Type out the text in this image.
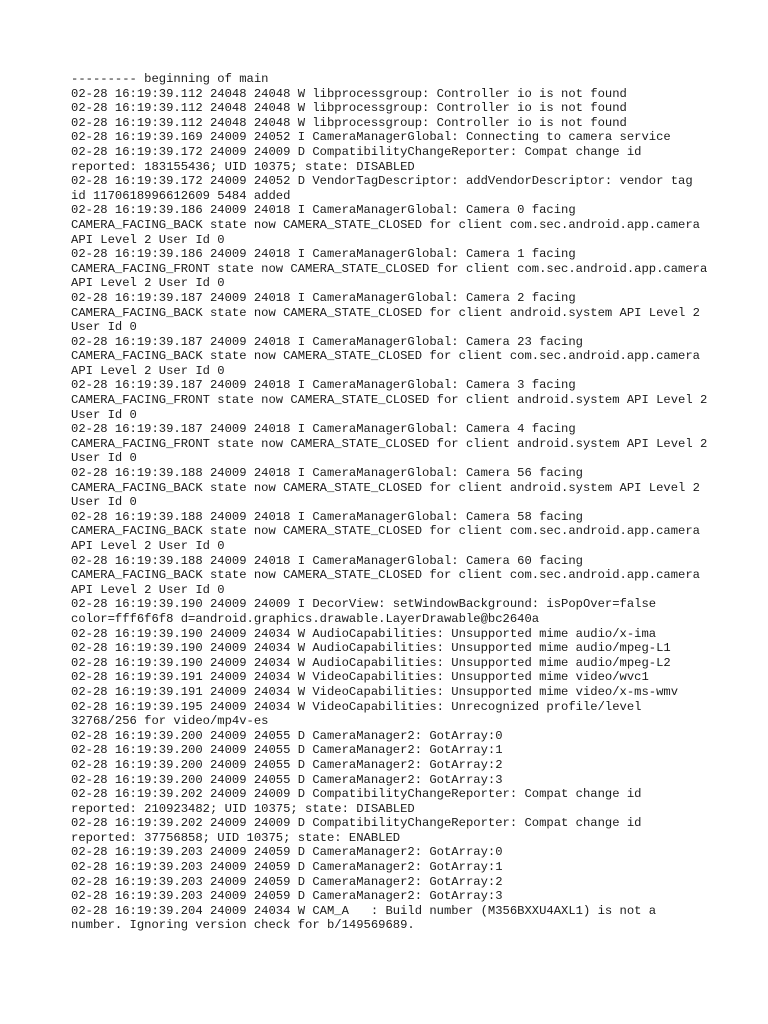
--------- beginning of main

02-28 16:19:39.112 24048 24048 W libprocessgroup: Controller io is not found

02-28 16:19:39.112 24048 24048 W libprocessgroup: Controller io is not found

02-28 16:19:39.112 24048 24048 W libprocessgroup: Controller io is not found

02-28 16:19:39.169 24009 24052 I CameraManagerGlobal: Connecting to camera service

02-28 16:19:39.172 24009 24009 D CompatibilityChangeReporter: Compat change id reported: 183155436; UID 10375; state: DISABLED

02-28 16:19:39.172 24009 24052 D VendorTagDescriptor: addVendorDescriptor: vendor tag id 1170618996612609 5484 added

02-28 16:19:39.186 24009 24018 I CameraManagerGlobal: Camera 0 facing CAMERA_FACING_BACK state now CAMERA_STATE_CLOSED for client com.sec.android.app.camera API Level 2 User Id 0

02-28 16:19:39.186 24009 24018 I CameraManagerGlobal: Camera 1 facing CAMERA_FACING_FRONT state now CAMERA_STATE_CLOSED for client com.sec.android.app.camera API Level 2 User Id 0

02-28 16:19:39.187 24009 24018 I CameraManagerGlobal: Camera 2 facing CAMERA_FACING_BACK state now CAMERA_STATE_CLOSED for client android.system API Level 2 User Id 0

02-28 16:19:39.187 24009 24018 I CameraManagerGlobal: Camera 23 facing CAMERA_FACING_BACK state now CAMERA_STATE_CLOSED for client com.sec.android.app.camera API Level 2 User Id 0

02-28 16:19:39.187 24009 24018 I CameraManagerGlobal: Camera 3 facing CAMERA_FACING_FRONT state now CAMERA_STATE_CLOSED for client android.system API Level 2 User Id 0

02-28 16:19:39.187 24009 24018 I CameraManagerGlobal: Camera 4 facing CAMERA_FACING_FRONT state now CAMERA_STATE_CLOSED for client android.system API Level 2 User Id 0

02-28 16:19:39.188 24009 24018 I CameraManagerGlobal: Camera 56 facing CAMERA_FACING_BACK state now CAMERA_STATE_CLOSED for client android.system API Level 2 User Id 0

02-28 16:19:39.188 24009 24018 I CameraManagerGlobal: Camera 58 facing CAMERA_FACING_BACK state now CAMERA_STATE_CLOSED for client com.sec.android.app.camera API Level 2 User Id 0

02-28 16:19:39.188 24009 24018 I CameraManagerGlobal: Camera 60 facing CAMERA_FACING_BACK state now CAMERA_STATE_CLOSED for client com.sec.android.app.camera API Level 2 User Id 0

02-28 16:19:39.190 24009 24009 I DecorView: setWindowBackground: isPopOver=false color=fff6f6f8 d=android.graphics.drawable.LayerDrawable@bc2640a

02-28 16:19:39.190 24009 24034 W AudioCapabilities: Unsupported mime audio/x-ima

02-28 16:19:39.190 24009 24034 W AudioCapabilities: Unsupported mime audio/mpeg-L1

02-28 16:19:39.190 24009 24034 W AudioCapabilities: Unsupported mime audio/mpeg-L2

02-28 16:19:39.191 24009 24034 W VideoCapabilities: Unsupported mime video/wvc1

02-28 16:19:39.191 24009 24034 W VideoCapabilities: Unsupported mime video/x-ms-wmv

02-28 16:19:39.195 24009 24034 W VideoCapabilities: Unrecognized profile/level 32768/256 for video/mp4v-es

02-28 16:19:39.200 24009 24055 D CameraManager2: GotArray:0

02-28 16:19:39.200 24009 24055 D CameraManager2: GotArray:1

02-28 16:19:39.200 24009 24055 D CameraManager2: GotArray:2

02-28 16:19:39.200 24009 24055 D CameraManager2: GotArray:3

02-28 16:19:39.202 24009 24009 D CompatibilityChangeReporter: Compat change id reported: 210923482; UID 10375; state: DISABLED

02-28 16:19:39.202 24009 24009 D CompatibilityChangeReporter: Compat change id reported: 37756858; UID 10375; state: ENABLED

02-28 16:19:39.203 24009 24059 D CameraManager2: GotArray:0

02-28 16:19:39.203 24009 24059 D CameraManager2: GotArray:1

02-28 16:19:39.203 24009 24059 D CameraManager2: GotArray:2

02-28 16:19:39.203 24009 24059 D CameraManager2: GotArray:3

02-28 16:19:39.204 24009 24034 W CAM_A   : Build number (M356BXXU4AXL1) is not a number. Ignoring version check for b/149569689.
